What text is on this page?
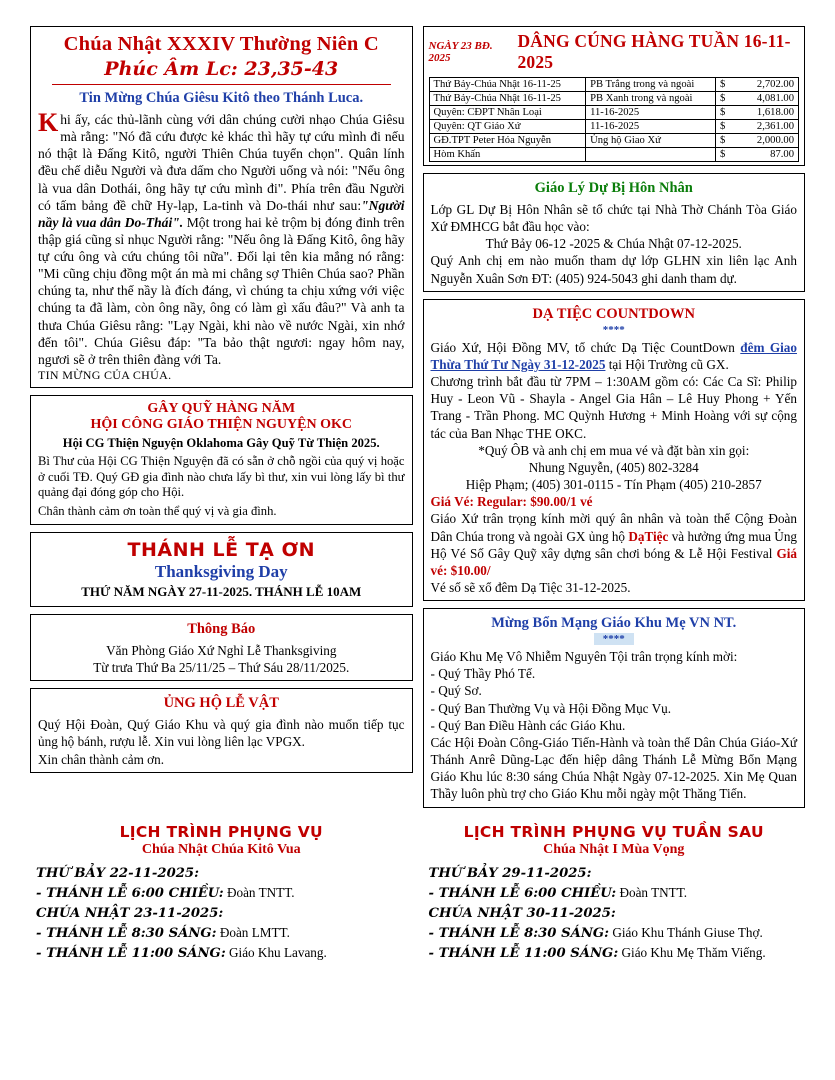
Chúa Nhật XXXIV Thường Niên C
Phúc Âm Lc: 23,35-43
Tin Mừng Chúa Giêsu Kitô theo Thánh Luca.
Khi ấy, các thủ-lãnh cùng với dân chúng cười nhạo Chúa Giêsu mà rằng: "Nó đã cứu được kẻ khác thì hãy tự cứu mình đi nếu nó thật là Đấng Kitô, người Thiên Chúa tuyển chọn". Quân lính đều chế diễu Người và đưa dấm cho Người uống và nói: "Nếu ông là vua dân Dothái, ông hãy tự cứu mình đi". Phía trên đầu Người có tấm bảng đề chữ Hy-lạp, La-tinh và Do-thái như sau:"Người nầy là vua dân Do-Thái". Một trong hai kẻ trộm bị đóng đinh trên thập giá cũng sỉ nhục Người rằng: "Nếu ông là Đấng Kitô, ông hãy tự cứu ông và cứu chúng tôi nữa". Đối lại tên kia mắng nó rằng: "Mi cũng chịu đồng một án mà mi chẳng sợ Thiên Chúa sao? Phần chúng ta, như thế nầy là đích đáng, vì chúng ta chịu xứng với việc chúng ta đã làm, còn ông nầy, ông có làm gì xấu đâu?" Và anh ta thưa Chúa Giêsu rằng: "Lạy Ngài, khi nào về nước Ngài, xin nhớ đến tôi". Chúa Giêsu đáp: "Ta bảo thật ngươi: ngay hôm nay, ngươi sẽ ở trên thiên đàng với Ta.
TIN MỪNG CỦA CHÚA.
GÂY QUỸ HÀNG NĂM
HỘI CÔNG GIÁO THIỆN NGUYỆN OKC
Hội CG Thiện Nguyện Oklahoma Gây Quỹ Từ Thiện 2025.
Bì Thư của Hội CG Thiện Nguyện đã có sẵn ở chỗ ngồi của quý vị hoặc ở cuối TĐ. Quý GĐ gia đình nào chưa lấy bì thư, xin vui lòng lấy bì thư quảng đại đóng góp cho Hội.
Chân thành cảm ơn toàn thể quý vị và gia đình.
THÁNH LỄ TẠ ƠN
Thanksgiving Day
THỨ NĂM NGÀY 27-11-2025. THÁNH LỄ 10AM
Thông Báo
Văn Phòng Giáo Xứ Nghỉ Lễ Thanksgiving
Từ trưa Thứ Ba 25/11/25 – Thứ Sáu 28/11/2025.
ỦNG HỘ LỄ VẬT
Quý Hội Đoàn, Quý Giáo Khu và quý gia đình nào muốn tiếp tục ủng hộ bánh, rượu lễ. Xin vui lòng liên lạc VPGX.
Xin chân thành cảm ơn.
NGÀY 23 BĐ. 2025
DÂNG CÚNG HÀNG TUẦN 16-11-2025
Thứ Bảy-Chúa Nhật 16-11-25	PB Trắng trong và ngoài	$ 2,702.00
Thứ Bảy-Chúa Nhật 16-11-25	PB Xanh trong và ngoài	$ 4,081.00
Quyên: CĐPT Nhân Loại	11-16-2025	$ 1,618.00
Quyên: QT Giáo Xứ	11-16-2025	$ 2,361.00
GĐ.TPT Peter Hóa Nguyễn	Ủng hộ Giao Xứ	$ 2,000.00
Hòm Khấn		$ 87.00
Giáo Lý Dự Bị Hôn Nhân
Lớp GL Dự Bị Hôn Nhân sẽ tổ chức tại Nhà Thờ Chánh Tòa Giáo Xứ ĐMHCG bắt đầu học vào:
Thứ Bảy 06-12 -2025 & Chúa Nhật 07-12-2025.
Quý Anh chị em nào muốn tham dự lớp GLHN xin liên lạc Anh Nguyễn Xuân Sơn ĐT: (405) 924-5043 ghi danh tham dự.
DẠ TIỆC COUNTDOWN
****
Giáo Xứ, Hội Đồng MV, tổ chức Dạ Tiệc CountDown đêm Giao Thừa Thứ Tư Ngày 31-12-2025 tại Hội Trường cũ GX.
Chương trình bắt đầu từ 7PM – 1:30AM gồm có: Các Ca Sĩ: Philip Huy - Leon Vũ - Shayla - Angel Gia Hân – Lê Huy Phong + Yến Trang - Trần Phong. MC Quỳnh Hương + Minh Hoàng với sự cộng tác của Ban Nhạc THE OKC.
*Quý ÔB và anh chị em mua vé và đặt bàn xin gọi:
Nhung Nguyễn, (405) 802-3284
Hiệp Phạm; (405) 301-0115 - Tín Phạm (405) 210-2857
Giá Vé: Regular: $90.00/1 vé
Giáo Xứ trân trọng kính mời quý ân nhân và toàn thể Cộng Đoàn Dân Chúa trong và ngoài GX ủng hộ DạTiệc và hưởng ứng mua Ủng Hộ Vé Số Gây Quỹ xây dựng sân chơi bóng & Lễ Hội Festival Giá vé: $10.00/
Vé số sẽ xổ đêm Dạ Tiệc 31-12-2025.
Mừng Bổn Mạng Giáo Khu Mẹ VN NT.
****
Giáo Khu Mẹ Vô Nhiễm Nguyên Tội trân trọng kính mời:
- Quý Thầy Phó Tế.
- Quý Sơ.
- Quý Ban Thường Vụ và Hội Đồng Mục Vụ.
- Quý Ban Điều Hành các Giáo Khu.
Các Hội Đoàn Công-Giáo Tiến-Hành và toàn thể Dân Chúa Giáo-Xứ Thánh Anrê Dũng-Lạc đến hiệp dâng Thánh Lễ Mừng Bổn Mạng Giáo Khu lúc 8:30 sáng Chúa Nhật Ngày 07-12-2025. Xin Mẹ Quan Thầy luôn phù trợ cho Giáo Khu mỗi ngày một Thăng Tiến.
LỊCH TRÌNH PHỤNG VỤ
Chúa Nhật Chúa Kitô Vua
THỨ BẢY 22-11-2025:
- THÁNH LỄ 6:00 CHIỀU: Đoàn TNTT.
CHÚA NHẬT 23-11-2025:
- THÁNH LỄ 8:30 SÁNG: Đoàn LMTT.
- THÁNH LỄ 11:00 SÁNG: Giáo Khu Lavang.
LỊCH TRÌNH PHỤNG VỤ TUẦN SAU
Chúa Nhật I Mùa Vọng
THỨ BẢY 29-11-2025:
- THÁNH LỄ 6:00 CHIỀU: Đoàn TNTT.
CHÚA NHẬT 30-11-2025:
- THÁNH LỄ 8:30 SÁNG: Giáo Khu Thánh Giuse Thợ.
- THÁNH LỄ 11:00 SÁNG: Giáo Khu Mẹ Thăm Viếng.
